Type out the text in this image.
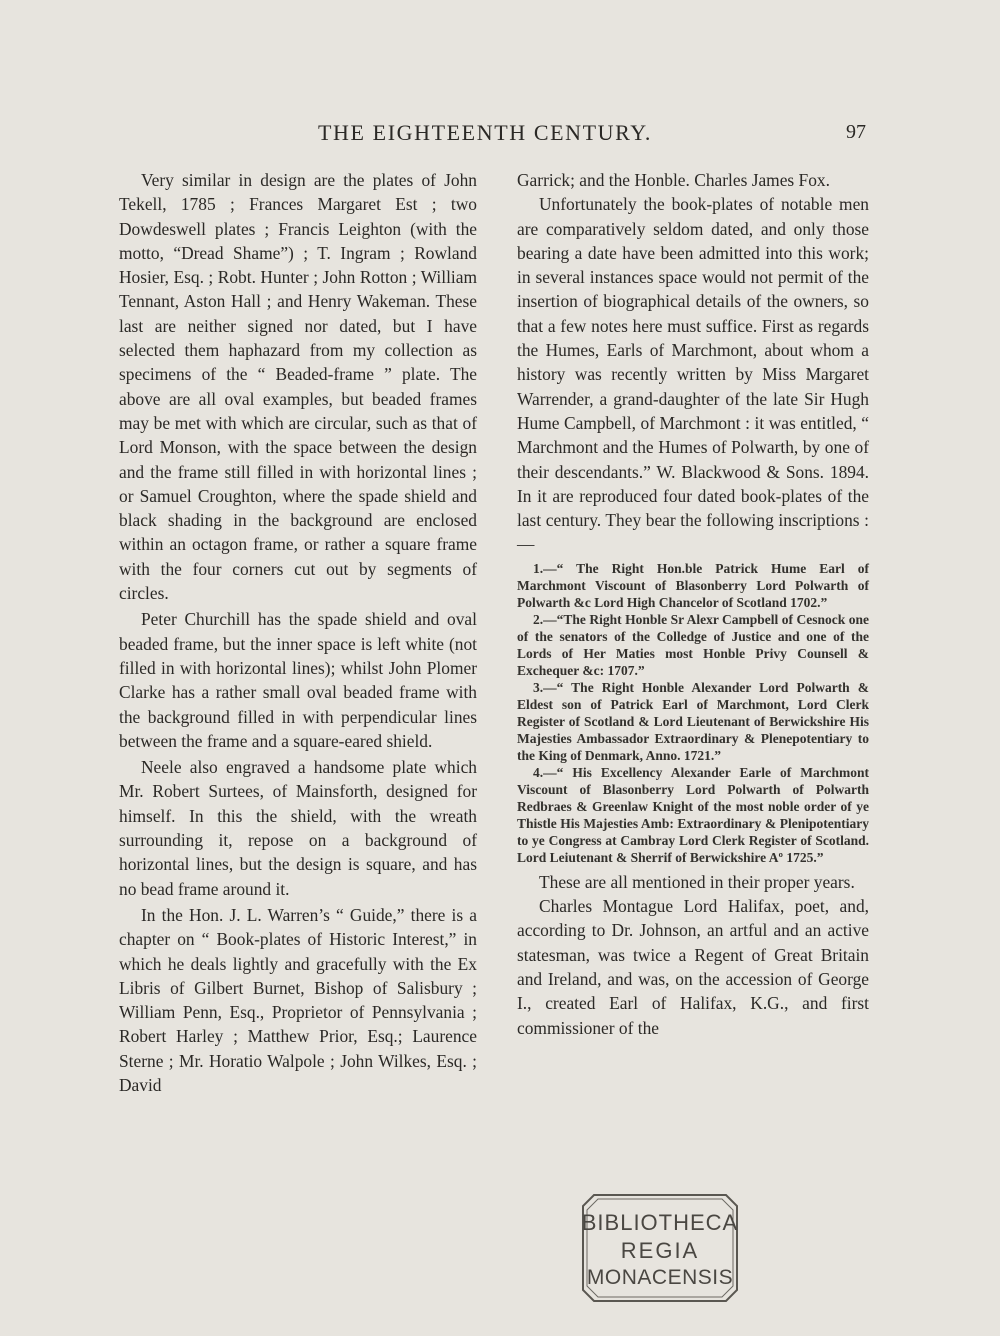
THE EIGHTEENTH CENTURY.	97

Very similar in design are the plates of John Tekell, 1785 ; Frances Margaret Est ; two Dowdeswell plates ; Francis Leighton (with the motto, “Dread Shame”) ; T. Ingram ; Rowland Hosier, Esq. ; Robt. Hunter ; John Rotton ; William Tennant, Aston Hall ; and Henry Wakeman. These last are neither signed nor dated, but I have selected them haphazard from my collection as specimens of the “ Beaded-frame ” plate. The above are all oval examples, but beaded frames may be met with which are circular, such as that of Lord Monson, with the space between the design and the frame still filled in with horizontal lines ; or Samuel Croughton, where the spade shield and black shading in the background are enclosed within an octagon frame, or rather a square frame with the four corners cut out by segments of circles.

Peter Churchill has the spade shield and oval beaded frame, but the inner space is left white (not filled in with horizontal lines); whilst John Plomer Clarke has a rather small oval beaded frame with the background filled in with perpendicular lines between the frame and a square-eared shield.

Neele also engraved a handsome plate which Mr. Robert Surtees, of Mainsforth, designed for himself. In this the shield, with the wreath surrounding it, repose on a background of horizontal lines, but the design is square, and has no bead frame around it.

In the Hon. J. L. Warren’s “ Guide,” there is a chapter on “ Book-plates of Historic Interest,” in which he deals lightly and gracefully with the Ex Libris of Gilbert Burnet, Bishop of Salisbury ; William Penn, Esq., Proprietor of Pennsylvania ; Robert Harley ; Matthew Prior, Esq.; Laurence Sterne ; Mr. Horatio Walpole ; John Wilkes, Esq. ; David

Garrick; and the Honble. Charles James Fox.

Unfortunately the book-plates of notable men are comparatively seldom dated, and only those bearing a date have been admitted into this work; in several instances space would not permit of the insertion of biographical details of the owners, so that a few notes here must suffice. First as regards the Humes, Earls of Marchmont, about whom a history was recently written by Miss Margaret Warrender, a grand-daughter of the late Sir Hugh Hume Campbell, of Marchmont : it was entitled, “ Marchmont and the Humes of Polwarth, by one of their descendants.” W. Blackwood & Sons. 1894. In it are reproduced four dated book-plates of the last century. They bear the following inscriptions :—

1.—“ The Right Hon.ble Patrick Hume Earl of Marchmont Viscount of Blasonberry Lord Polwarth of Polwarth &c Lord High Chancelor of Scotland 1702.”

2.—“The Right Honble Sr Alexr Campbell of Cesnock one of the senators of the Colledge of Justice and one of the Lords of Her Maties most Honble Privy Counsell & Exchequer &c: 1707.”

3.—“ The Right Honble Alexander Lord Polwarth & Eldest son of Patrick Earl of Marchmont, Lord Clerk Register of Scotland & Lord Lieutenant of Berwickshire His Majesties Ambassador Extraordinary & Plenepotentiary to the King of Denmark, Anno. 1721.”

4.—“ His Excellency Alexander Earle of Marchmont Viscount of Blasonberry Lord Polwarth of Polwarth Redbraes & Greenlaw Knight of the most noble order of ye Thistle His Majesties Amb: Extraordinary & Plenipotentiary to ye Congress at Cambray Lord Clerk Register of Scotland. Lord Leiutenant & Sherrif of Berwickshire Aº 1725.”

These are all mentioned in their proper years.

Charles Montague Lord Halifax, poet, and, according to Dr. Johnson, an artful and an active statesman, was twice a Regent of Great Britain and Ireland, and was, on the accession of George I., created Earl of Halifax, K.G., and first commissioner of the

BIBLIOTHECA
REGIA
MONACENSIS
